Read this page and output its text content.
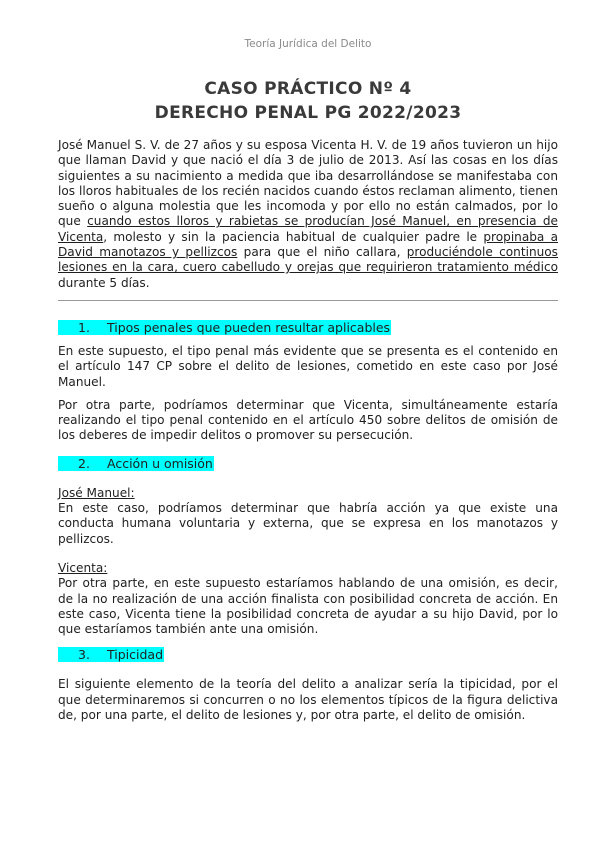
Teoría Jurídica del Delito
CASO PRÁCTICO Nº 4
DERECHO PENAL PG 2022/2023
José Manuel S. V. de 27 años y su esposa Vicenta H. V. de 19 años tuvieron un hijo que llaman David y que nació el día 3 de julio de 2013. Así las cosas en los días siguientes a su nacimiento a medida que iba desarrollándose se manifestaba con los lloros habituales de los recién nacidos cuando éstos reclaman alimento, tienen sueño o alguna molestia que les incomoda y por ello no están calmados, por lo que cuando estos lloros y rabietas se producían José Manuel, en presencia de Vicenta, molesto y sin la paciencia habitual de cualquier padre le propinaba a David manotazos y pellizcos para que el niño callara, produciéndole continuos lesiones en la cara, cuero cabelludo y orejas que requirieron tratamiento médico durante 5 días.
1. Tipos penales que pueden resultar aplicables
En este supuesto, el tipo penal más evidente que se presenta es el contenido en el artículo 147 CP sobre el delito de lesiones, cometido en este caso por José Manuel.
Por otra parte, podríamos determinar que Vicenta, simultáneamente estaría realizando el tipo penal contenido en el artículo 450 sobre delitos de omisión de los deberes de impedir delitos o promover su persecución.
2. Acción u omisión
José Manuel:
En este caso, podríamos determinar que habría acción ya que existe una conducta humana voluntaria y externa, que se expresa en los manotazos y pellizcos.
Vicenta:
Por otra parte, en este supuesto estaríamos hablando de una omisión, es decir, de la no realización de una acción finalista con posibilidad concreta de acción. En este caso, Vicenta tiene la posibilidad concreta de ayudar a su hijo David, por lo que estaríamos también ante una omisión.
3. Tipicidad
El siguiente elemento de la teoría del delito a analizar sería la tipicidad, por el que determinaremos si concurren o no los elementos típicos de la figura delictiva de, por una parte, el delito de lesiones y, por otra parte, el delito de omisión.
